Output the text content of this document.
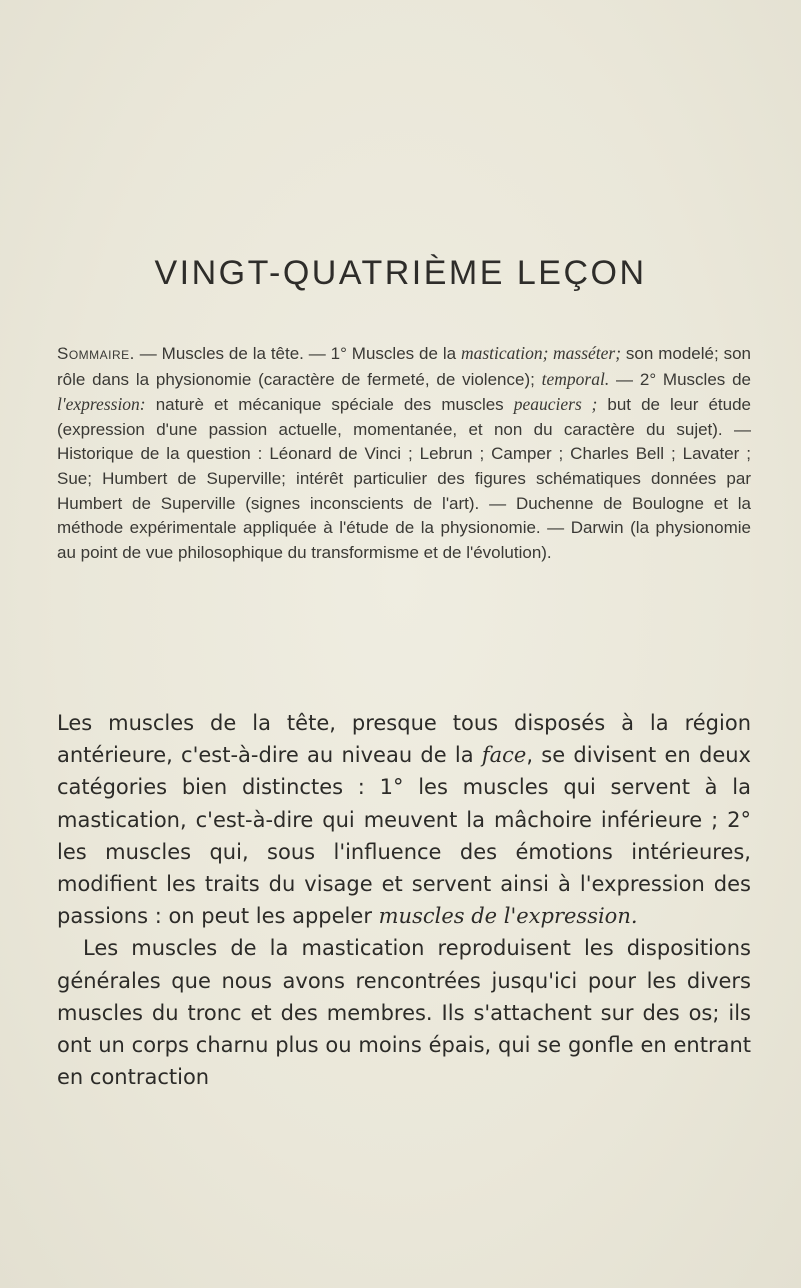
VINGT-QUATRIÈME LEÇON
Sommaire. — Muscles de la tête. — 1° Muscles de la mastication; masséter; son modelé; son rôle dans la physionomie (caractère de fermeté, de violence); temporal. — 2° Muscles de l'expression: naturè et mécanique spéciale des muscles peauciers ; but de leur étude (expression d'une passion actuelle, momentanée, et non du caractère du sujet). — Historique de la question : Léonard de Vinci ; Lebrun ; Camper ; Charles Bell ; Lavater ; Sue; Humbert de Superville; intérêt particulier des figures schématiques données par Humbert de Superville (signes inconscients de l'art). — Duchenne de Boulogne et la méthode expérimentale appliquée à l'étude de la physionomie. — Darwin (la physionomie au point de vue philosophique du transformisme et de l'évolution).

Les muscles de la tête, presque tous disposés à la région antérieure, c'est-à-dire au niveau de la face, se divisent en deux catégories bien distinctes : 1° les muscles qui servent à la mastication, c'est-à-dire qui meuvent la mâchoire inférieure ; 2° les muscles qui, sous l'influence des émotions intérieures, modifient les traits du visage et servent ainsi à l'expression des passions : on peut les appeler muscles de l'expression.

Les muscles de la mastication reproduisent les dispositions générales que nous avons rencontrées jusqu'ici pour les divers muscles du tronc et des membres. Ils s'attachent sur des os; ils ont un corps charnu plus ou moins épais, qui se gonfle en entrant en contraction
